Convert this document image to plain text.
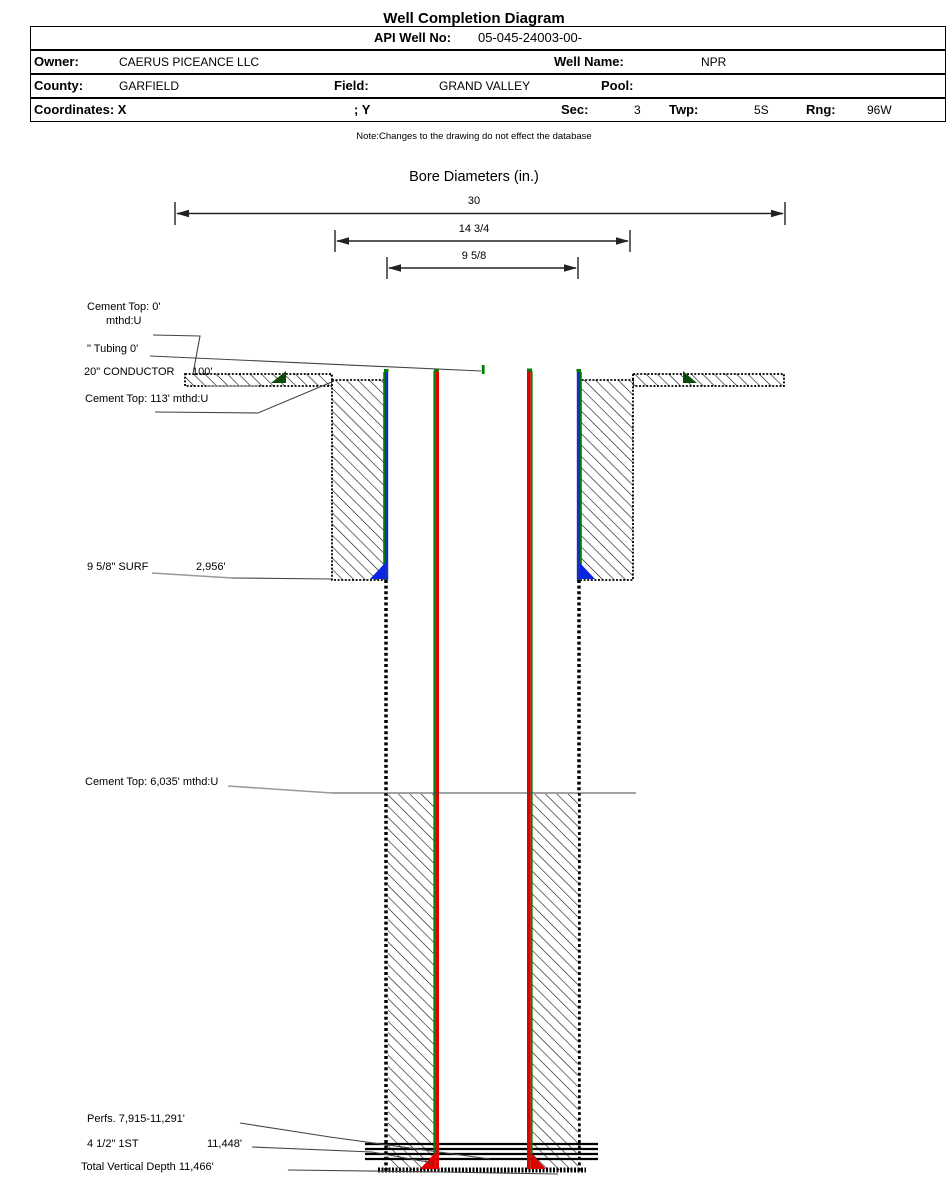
Well Completion Diagram
API Well No: 05-045-24003-00-
Owner:	CAERUS PICEANCE LLC	Well Name:	NPR
County:	GARFIELD	Field:	GRAND VALLEY	Pool:
Coordinates: X	; Y	Sec:	3 Twp:	5S	Rng:	96W
Note:Changes to the drawing do not effect the database
Bore Diameters (in.)
30
14 3/4
9 5/8
Cement Top: 0'
mthd:U
" Tubing 0'
20" CONDUCTOR 100'
Cement Top: 113' mthd:U
9 5/8" SURF	2,956'
Cement Top: 6,035' mthd:U
Perfs. 7,915-11,291'
4 1/2" 1ST	11,448'
Total Vertical Depth 11,466'
